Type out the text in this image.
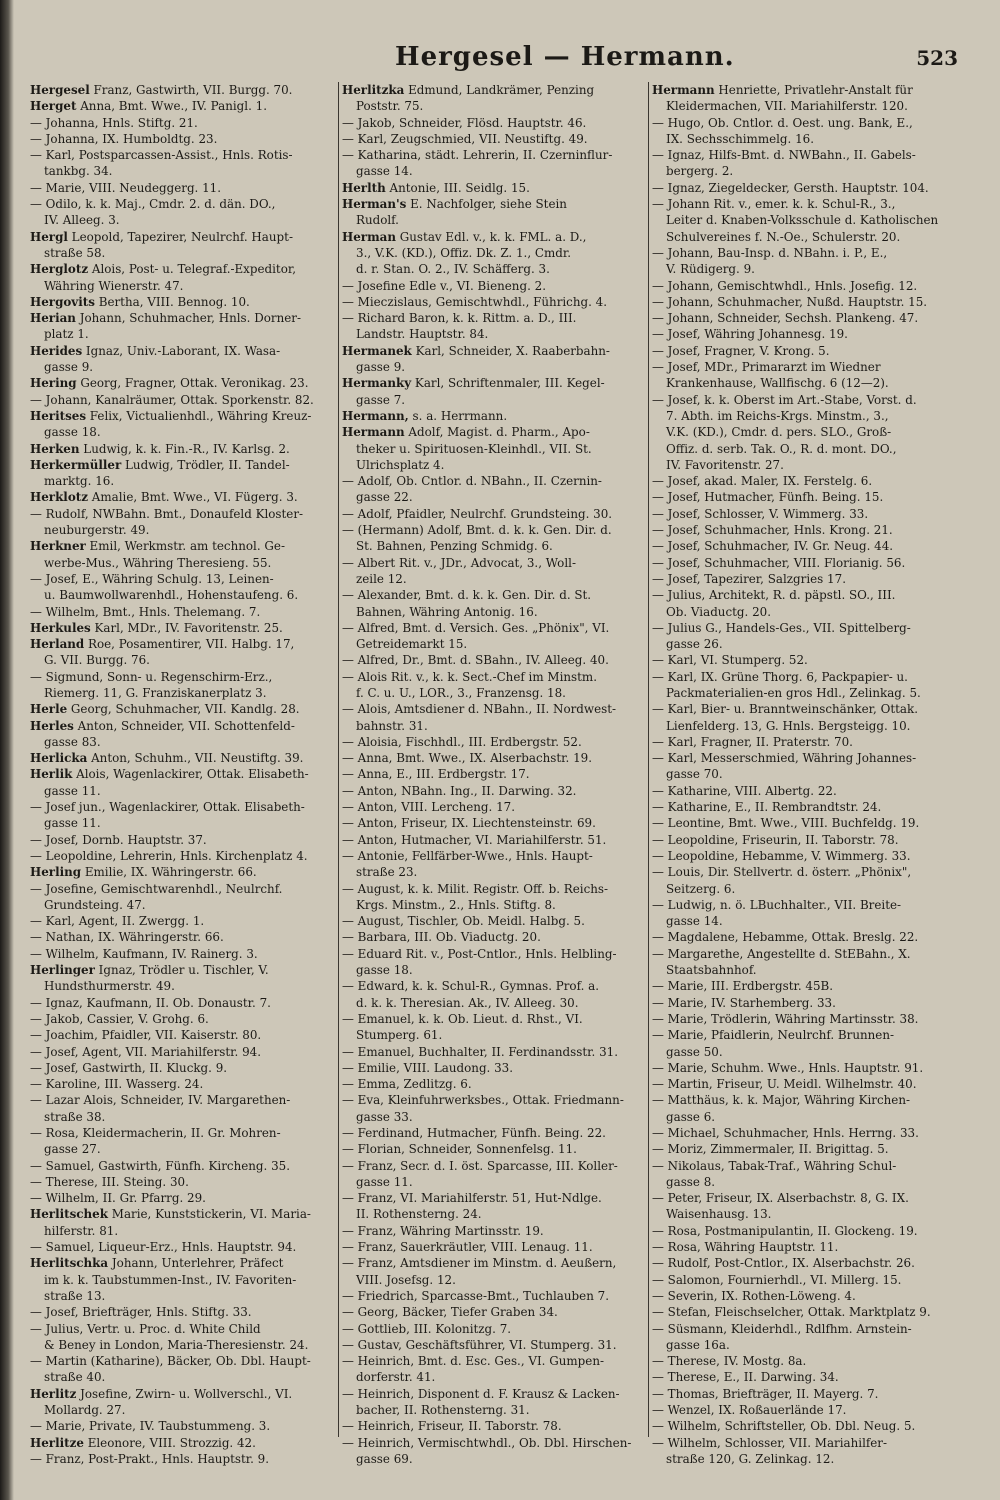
Hergesel — Hermann.	523
Hergesel Franz, Gastwirth, VII. Burgg. 70.
Herget Anna, Bmt. Wwe., IV. Panigl. 1.
— Johanna, Hnls. Stiftg. 21.
— Johanna, IX. Humboldtg. 23.
— Karl, Postsparcassen-Assist., Hnls. Rotis-
tankbg. 34.
— Marie, VIII. Neudeggerg. 11.
— Odilo, k. k. Maj., Cmdr. 2. d. dän. DO.,
IV. Alleeg. 3.
Hergl Leopold, Tapezirer, Neulrchf. Haupt-
straße 58.
Herglotz Alois, Post- u. Telegraf.-Expeditor,
Währing Wienerstr. 47.
Hergovits Bertha, VIII. Bennog. 10.
Herian Johann, Schuhmacher, Hnls. Dorner-
platz 1.
Herides Ignaz, Univ.-Laborant, IX. Wasa-
gasse 9.
Hering Georg, Fragner, Ottak. Veronikag. 23.
— Johann, Kanalräumer, Ottak. Sporkenstr. 82.
Heritses Felix, Victualienhdl., Währing Kreuz-
gasse 18.
Herken Ludwig, k. k. Fin.-R., IV. Karlsg. 2.
Herkermüller Ludwig, Trödler, II. Tandel-
marktg. 16.
Herklotz Amalie, Bmt. Wwe., VI. Fügerg. 3.
— Rudolf, NWBahn. Bmt., Donaufeld Kloster-
neuburgerstr. 49.
Herkner Emil, Werkmstr. am technol. Ge-
werbe-Mus., Währing Theresieng. 55.
— Josef, E., Währing Schulg. 13, Leinen-
u. Baumwollwarenhdl., Hohenstaufeng. 6.
— Wilhelm, Bmt., Hnls. Thelemang. 7.
Herkules Karl, MDr., IV. Favoritenstr. 25.
Herland Roe, Posamentirer, VII. Halbg. 17,
G. VII. Burgg. 76.
— Sigmund, Sonn- u. Regenschirm-Erz.,
Riemerg. 11, G. Franziskanerplatz 3.
Herle Georg, Schuhmacher, VII. Kandlg. 28.
Herles Anton, Schneider, VII. Schottenfeld-
gasse 83.
Herlicka Anton, Schuhm., VII. Neustiftg. 39.
Herlik Alois, Wagenlackirer, Ottak. Elisabeth-
gasse 11.
— Josef jun., Wagenlackirer, Ottak. Elisabeth-
gasse 11.
— Josef, Dornb. Hauptstr. 37.
— Leopoldine, Lehrerin, Hnls. Kirchenplatz 4.
Herling Emilie, IX. Währingerstr. 66.
— Josefine, Gemischtwarenhdl., Neulrchf.
Grundsteing. 47.
— Karl, Agent, II. Zwergg. 1.
— Nathan, IX. Währingerstr. 66.
— Wilhelm, Kaufmann, IV. Rainerg. 3.
Herlinger Ignaz, Trödler u. Tischler, V.
Hundsthurmerstr. 49.
— Ignaz, Kaufmann, II. Ob. Donaustr. 7.
— Jakob, Cassier, V. Grohg. 6.
— Joachim, Pfaidler, VII. Kaiserstr. 80.
— Josef, Agent, VII. Mariahilferstr. 94.
— Josef, Gastwirth, II. Kluckg. 9.
— Karoline, III. Wasserg. 24.
— Lazar Alois, Schneider, IV. Margarethen-
straße 38.
— Rosa, Kleidermacherin, II. Gr. Mohren-
gasse 27.
— Samuel, Gastwirth, Fünfh. Kircheng. 35.
— Therese, III. Steing. 30.
— Wilhelm, II. Gr. Pfarrg. 29.
Herlitschek Marie, Kunststickerin, VI. Maria-
hilferstr. 81.
— Samuel, Liqueur-Erz., Hnls. Hauptstr. 94.
Herlitschka Johann, Unterlehrer, Präfect
im k. k. Taubstummen-Inst., IV. Favoriten-
straße 13.
— Josef, Briefträger, Hnls. Stiftg. 33.
— Julius, Vertr. u. Proc. d. White Child
& Beney in London, Maria-Theresienstr. 24.
— Martin (Katharine), Bäcker, Ob. Dbl. Haupt-
straße 40.
Herlitz Josefine, Zwirn- u. Wollverschl., VI.
Mollardg. 27.
— Marie, Private, IV. Taubstummeng. 3.
Herlitze Eleonore, VIII. Strozzig. 42.
— Franz, Post-Prakt., Hnls. Hauptstr. 9.
Herlitzka Edmund, Landkrämer, Penzing
Poststr. 75.
— Jakob, Schneider, Flösd. Hauptstr. 46.
— Karl, Zeugschmied, VII. Neustiftg. 49.
— Katharina, städt. Lehrerin, II. Czerninflur-
gasse 14.
Herlth Antonie, III. Seidlg. 15.
Herman's E. Nachfolger, siehe Stein
Rudolf.
Herman Gustav Edl. v., k. k. FML. a. D.,
3., V.K. (KD.), Offiz. Dk. Z. 1., Cmdr.
d. r. Stan. O. 2., IV. Schäfferg. 3.
— Josefine Edle v., VI. Bieneng. 2.
— Mieczislaus, Gemischtwhdl., Führichg. 4.
— Richard Baron, k. k. Rittm. a. D., III.
Landstr. Hauptstr. 84.
Hermanek Karl, Schneider, X. Raaberbahn-
gasse 9.
Hermanky Karl, Schriftenmaler, III. Kegel-
gasse 7.
Hermann, s. a. Herrmann.
Hermann Adolf, Magist. d. Pharm., Apo-
theker u. Spirituosen-Kleinhdl., VII. St.
Ulrichsplatz 4.
— Adolf, Ob. Cntlor. d. NBahn., II. Czernin-
gasse 22.
— Adolf, Pfaidler, Neulrchf. Grundsteing. 30.
— (Hermann) Adolf, Bmt. d. k. k. Gen. Dir. d.
St. Bahnen, Penzing Schmidg. 6.
— Albert Rit. v., JDr., Advocat, 3., Woll-
zeile 12.
— Alexander, Bmt. d. k. k. Gen. Dir. d. St.
Bahnen, Währing Antonig. 16.
— Alfred, Bmt. d. Versich. Ges. „Phönix", VI.
Getreidemarkt 15.
— Alfred, Dr., Bmt. d. SBahn., IV. Alleeg. 40.
— Alois Rit. v., k. k. Sect.-Chef im Minstm.
f. C. u. U., LOR., 3., Franzensg. 18.
— Alois, Amtsdiener d. NBahn., II. Nordwest-
bahnstr. 31.
— Aloisia, Fischhdl., III. Erdbergstr. 52.
— Anna, Bmt. Wwe., IX. Alserbachstr. 19.
— Anna, E., III. Erdbergstr. 17.
— Anton, NBahn. Ing., II. Darwing. 32.
— Anton, VIII. Lercheng. 17.
— Anton, Friseur, IX. Liechtensteinstr. 69.
— Anton, Hutmacher, VI. Mariahilferstr. 51.
— Antonie, Fellfärber-Wwe., Hnls. Haupt-
straße 23.
— August, k. k. Milit. Registr. Off. b. Reichs-
Krgs. Minstm., 2., Hnls. Stiftg. 8.
— August, Tischler, Ob. Meidl. Halbg. 5.
— Barbara, III. Ob. Viaductg. 20.
— Eduard Rit. v., Post-Cntlor., Hnls. Helbling-
gasse 18.
— Edward, k. k. Schul-R., Gymnas. Prof. a.
d. k. k. Theresian. Ak., IV. Alleeg. 30.
— Emanuel, k. k. Ob. Lieut. d. Rhst., VI.
Stumperg. 61.
— Emanuel, Buchhalter, II. Ferdinandsstr. 31.
— Emilie, VIII. Laudong. 33.
— Emma, Zedlitzg. 6.
— Eva, Kleinfuhrwerksbes., Ottak. Friedmann-
gasse 33.
— Ferdinand, Hutmacher, Fünfh. Being. 22.
— Florian, Schneider, Sonnenfelsg. 11.
— Franz, Secr. d. I. öst. Sparcasse, III. Koller-
gasse 11.
— Franz, VI. Mariahilferstr. 51, Hut-Ndlge.
II. Rothensterng. 24.
— Franz, Währing Martinsstr. 19.
— Franz, Sauerkräutler, VIII. Lenaug. 11.
— Franz, Amtsdiener im Minstm. d. Aeußern,
VIII. Josefsg. 12.
— Friedrich, Sparcasse-Bmt., Tuchlauben 7.
— Georg, Bäcker, Tiefer Graben 34.
— Gottlieb, III. Kolonitzg. 7.
— Gustav, Geschäftsführer, VI. Stumperg. 31.
— Heinrich, Bmt. d. Esc. Ges., VI. Gumpen-
dorferstr. 41.
— Heinrich, Disponent d. F. Krausz & Lacken-
bacher, II. Rothensterng. 31.
— Heinrich, Friseur, II. Taborstr. 78.
— Heinrich, Vermischtwhdl., Ob. Dbl. Hirschen-
gasse 69.
Hermann Henriette, Privatlehr-Anstalt für
Kleidermachen, VII. Mariahilferstr. 120.
— Hugo, Ob. Cntlor. d. Oest. ung. Bank, E.,
IX. Sechsschimmelg. 16.
— Ignaz, Hilfs-Bmt. d. NWBahn., II. Gabels-
bergerg. 2.
— Ignaz, Ziegeldecker, Gersth. Hauptstr. 104.
— Johann Rit. v., emer. k. k. Schul-R., 3.,
Leiter d. Knaben-Volksschule d. Katholischen
Schulvereines f. N.-Oe., Schulerstr. 20.
— Johann, Bau-Insp. d. NBahn. i. P., E.,
V. Rüdigerg. 9.
— Johann, Gemischtwhdl., Hnls. Josefig. 12.
— Johann, Schuhmacher, Nußd. Hauptstr. 15.
— Johann, Schneider, Sechsh. Plankeng. 47.
— Josef, Währing Johannesg. 19.
— Josef, Fragner, V. Krong. 5.
— Josef, MDr., Primararzt im Wiedner
Krankenhause, Wallfischg. 6 (12—2).
— Josef, k. k. Oberst im Art.-Stabe, Vorst. d.
7. Abth. im Reichs-Krgs. Minstm., 3.,
V.K. (KD.), Cmdr. d. pers. SLO., Groß-
Offiz. d. serb. Tak. O., R. d. mont. DO.,
IV. Favoritenstr. 27.
— Josef, akad. Maler, IX. Ferstelg. 6.
— Josef, Hutmacher, Fünfh. Being. 15.
— Josef, Schlosser, V. Wimmerg. 33.
— Josef, Schuhmacher, Hnls. Krong. 21.
— Josef, Schuhmacher, IV. Gr. Neug. 44.
— Josef, Schuhmacher, VIII. Florianig. 56.
— Josef, Tapezirer, Salzgries 17.
— Julius, Architekt, R. d. päpstl. SO., III.
Ob. Viaductg. 20.
— Julius G., Handels-Ges., VII. Spittelberg-
gasse 26.
— Karl, VI. Stumperg. 52.
— Karl, IX. Grüne Thorg. 6, Packpapier- u.
Packmaterialien-en gros Hdl., Zelinkag. 5.
— Karl, Bier- u. Branntweinschänker, Ottak.
Lienfelderg. 13, G. Hnls. Bergsteigg. 10.
— Karl, Fragner, II. Praterstr. 70.
— Karl, Messerschmied, Währing Johannes-
gasse 70.
— Katharine, VIII. Albertg. 22.
— Katharine, E., II. Rembrandtstr. 24.
— Leontine, Bmt. Wwe., VIII. Buchfeldg. 19.
— Leopoldine, Friseurin, II. Taborstr. 78.
— Leopoldine, Hebamme, V. Wimmerg. 33.
— Louis, Dir. Stellvertr. d. österr. „Phönix",
Seitzerg. 6.
— Ludwig, n. ö. LBuchhalter., VII. Breite-
gasse 14.
— Magdalene, Hebamme, Ottak. Breslg. 22.
— Margarethe, Angestellte d. StEBahn., X.
Staatsbahnhof.
— Marie, III. Erdbergstr. 45B.
— Marie, IV. Starhemberg. 33.
— Marie, Trödlerin, Währing Martinsstr. 38.
— Marie, Pfaidlerin, Neulrchf. Brunnen-
gasse 50.
— Marie, Schuhm. Wwe., Hnls. Hauptstr. 91.
— Martin, Friseur, U. Meidl. Wilhelmstr. 40.
— Matthäus, k. k. Major, Währing Kirchen-
gasse 6.
— Michael, Schuhmacher, Hnls. Herrng. 33.
— Moriz, Zimmermaler, II. Brigittag. 5.
— Nikolaus, Tabak-Traf., Währing Schul-
gasse 8.
— Peter, Friseur, IX. Alserbachstr. 8, G. IX.
Waisenhausg. 13.
— Rosa, Postmanipulantin, II. Glockeng. 19.
— Rosa, Währing Hauptstr. 11.
— Rudolf, Post-Cntlor., IX. Alserbachstr. 26.
— Salomon, Fournierhdl., VI. Millerg. 15.
— Severin, IX. Rothen-Löweng. 4.
— Stefan, Fleischselcher, Ottak. Marktplatz 9.
— Süsmann, Kleiderhdl., Rdlfhm. Arnstein-
gasse 16a.
— Therese, IV. Mostg. 8a.
— Therese, E., II. Darwing. 34.
— Thomas, Briefträger, II. Mayerg. 7.
— Wenzel, IX. Roßauerlände 17.
— Wilhelm, Schriftsteller, Ob. Dbl. Neug. 5.
— Wilhelm, Schlosser, VII. Mariahilfer-
straße 120, G. Zelinkag. 12.
